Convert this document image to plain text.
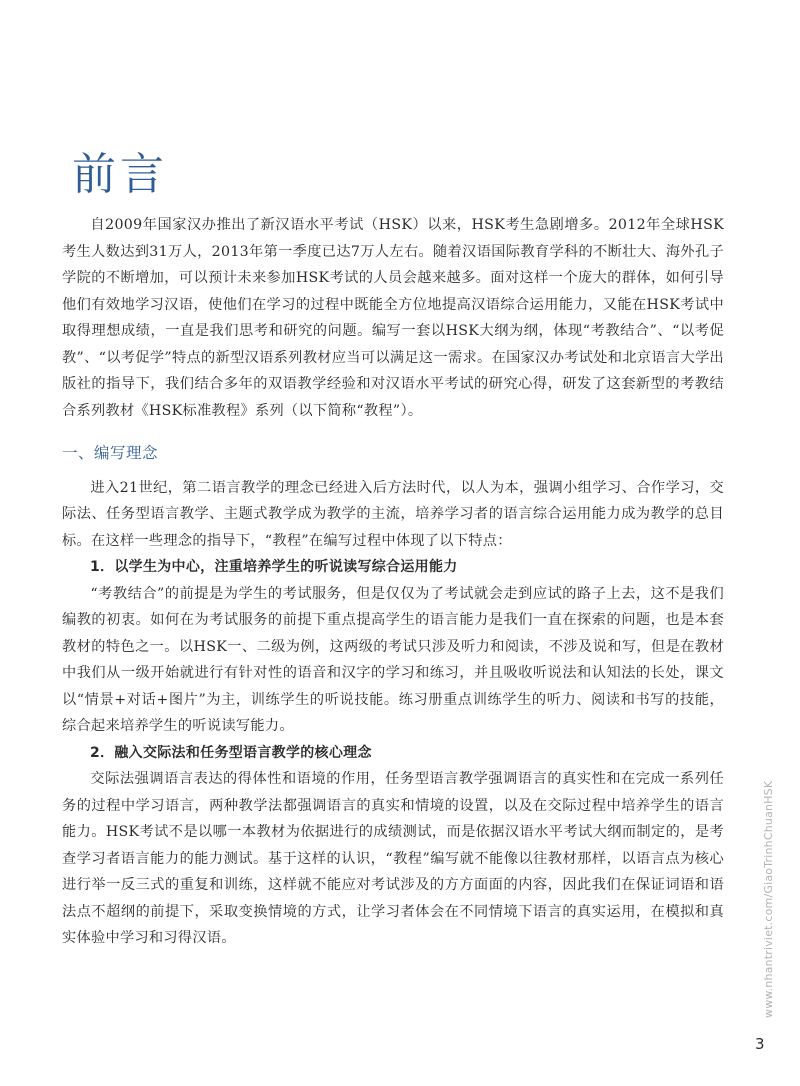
前言

自2009年国家汉办推出了新汉语水平考试（HSK）以来，HSK考生急剧增多。2012年全球HSK考生人数达到31万人，2013年第一季度已达7万人左右。随着汉语国际教育学科的不断壮大、海外孔子学院的不断增加，可以预计未来参加HSK考试的人员会越来越多。面对这样一个庞大的群体，如何引导他们有效地学习汉语，使他们在学习的过程中既能全方位地提高汉语综合运用能力，又能在HSK考试中取得理想成绩，一直是我们思考和研究的问题。编写一套以HSK大纲为纲，体现“考教结合”、“以考促教”、“以考促学”特点的新型汉语系列教材应当可以满足这一需求。在国家汉办考试处和北京语言大学出版社的指导下，我们结合多年的双语教学经验和对汉语水平考试的研究心得，研发了这套新型的考教结合系列教材《HSK标准教程》系列（以下简称“教程”）。

一、编写理念

进入21世纪，第二语言教学的理念已经进入后方法时代，以人为本，强调小组学习、合作学习，交际法、任务型语言教学、主题式教学成为教学的主流，培养学习者的语言综合运用能力成为教学的总目标。在这样一些理念的指导下，“教程”在编写过程中体现了以下特点：

1．以学生为中心，注重培养学生的听说读写综合运用能力

“考教结合”的前提是为学生的考试服务，但是仅仅为了考试就会走到应试的路子上去，这不是我们编教的初衷。如何在为考试服务的前提下重点提高学生的语言能力是我们一直在探索的问题，也是本套教材的特色之一。以HSK一、二级为例，这两级的考试只涉及听力和阅读，不涉及说和写，但是在教材中我们从一级开始就进行有针对性的语音和汉字的学习和练习，并且吸收听说法和认知法的长处，课文以“情景+对话+图片”为主，训练学生的听说技能。练习册重点训练学生的听力、阅读和书写的技能，综合起来培养学生的听说读写能力。

2．融入交际法和任务型语言教学的核心理念

交际法强调语言表达的得体性和语境的作用，任务型语言教学强调语言的真实性和在完成一系列任务的过程中学习语言，两种教学法都强调语言的真实和情境的设置，以及在交际过程中培养学生的语言能力。HSK考试不是以哪一本教材为依据进行的成绩测试，而是依据汉语水平考试大纲而制定的，是考查学习者语言能力的能力测试。基于这样的认识，“教程”编写就不能像以往教材那样，以语言点为核心进行举一反三式的重复和训练，这样就不能应对考试涉及的方方面面的内容，因此我们在保证词语和语法点不超纲的前提下，采取变换情境的方式，让学习者体会在不同情境下语言的真实运用，在模拟和真实体验中学习和习得汉语。	www.nhantriviet.com/GiaoTrinhChuanHSK
3
